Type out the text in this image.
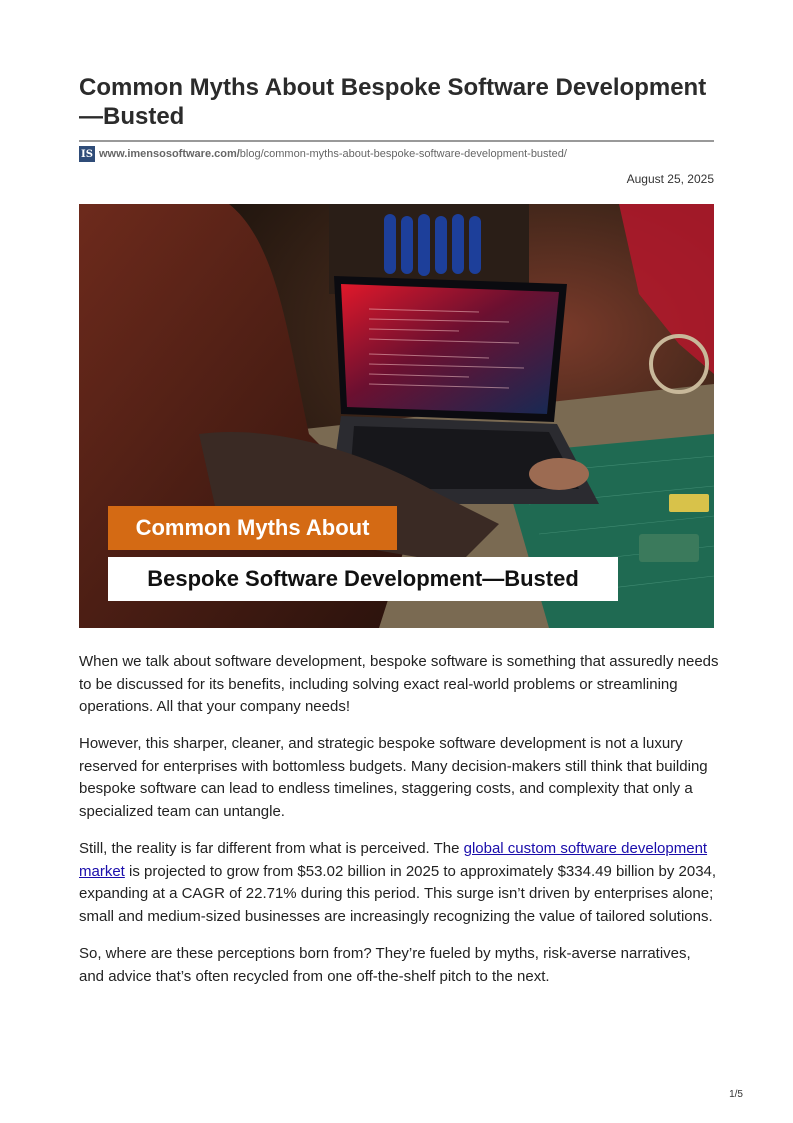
Common Myths About Bespoke Software Development —Busted
IS www.imensosoftware.com/ blog/common-myths-about-bespoke-software-development-busted/
August 25, 2025
Common Myths About
Bespoke Software Development—Busted

When we talk about software development, bespoke software is something that assuredly needs to be discussed for its benefits, including solving exact real-world problems or streamlining operations. All that your company needs!

However, this sharper, cleaner, and strategic bespoke software development is not a luxury reserved for enterprises with bottomless budgets. Many decision-makers still think that building bespoke software can lead to endless timelines, staggering costs, and complexity that only a specialized team can untangle.

Still, the reality is far different from what is perceived. The global custom software development market is projected to grow from $53.02 billion in 2025 to approximately $334.49 billion by 2034, expanding at a CAGR of 22.71% during this period. This surge isn’t driven by enterprises alone; small and medium-sized businesses are increasingly recognizing the value of tailored solutions.

So, where are these perceptions born from? They’re fueled by myths, risk-averse narratives, and advice that’s often recycled from one off-the-shelf pitch to the next.

1/5
